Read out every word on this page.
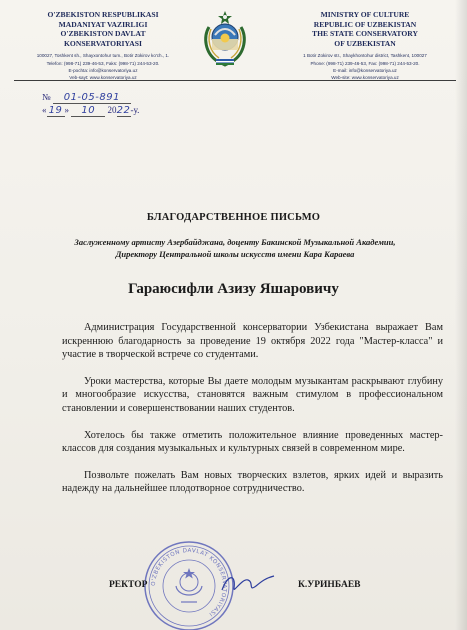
O'ZBEKISTON RESPUBLIKASI
MADANIYAT VAZIRLIGI
O'ZBEKISTON DAVLAT
KONSERVATORIYASI
100027, Toshkent sh., Shayxontohur tum., Botir Zokirov ko'ch., 1.
Telefon: (998-71) 239-46-53, Faks: (998-71) 244-53-20.
E-pochta: info@konservatoriya.uz
Veb-sayt: www.konservatoriya.uz
MINISTRY OF CULTURE
REPUBLIC OF UZBEKISTAN
THE STATE CONSERVATORY
OF UZBEKISTAN
1 Botir Zokirov str., Shaykhontohur district, Tashkent, 100027
Phone: (998-71) 239-46-53, Fax: (998-71) 244-53-20.
E-mail: info@konservatoriya.uz
Web-site: www.konservatoriya.uz
№ 01-05-891
« 19 » 10 2022-у.
БЛАГОДАРСТВЕННОЕ ПИСЬМО
Заслуженному артисту Азербайджана, доценту Бакинской Музыкальной Академии,
Директору Центральной школы искусств имени Кара Караева
Гараюсифли Азизу Яшаровичу

Администрация Государственной консерватории Узбекистана выражает Вам искреннюю благодарность за проведение 19 октября 2022 года "Мастер-класса" и участие в творческой встрече со студентами.

Уроки мастерства, которые Вы даете молодым музыкантам раскрывают глубину и многообразие искусства, становятся важным стимулом в профессиональном становлении и совершенствовании наших студентов.

Хотелось бы также отметить положительное влияние проведенных мастер-классов для создания музыкальных и культурных связей в современном мире.

Позвольте пожелать Вам новых творческих взлетов, ярких идей и выразить надежду на дальнейшее плодотворное сотрудничество.

O'ZBEKISTON DAVLAT KONSERVATORIYASI
РЕКТОР	К.УРИНБАЕВ
